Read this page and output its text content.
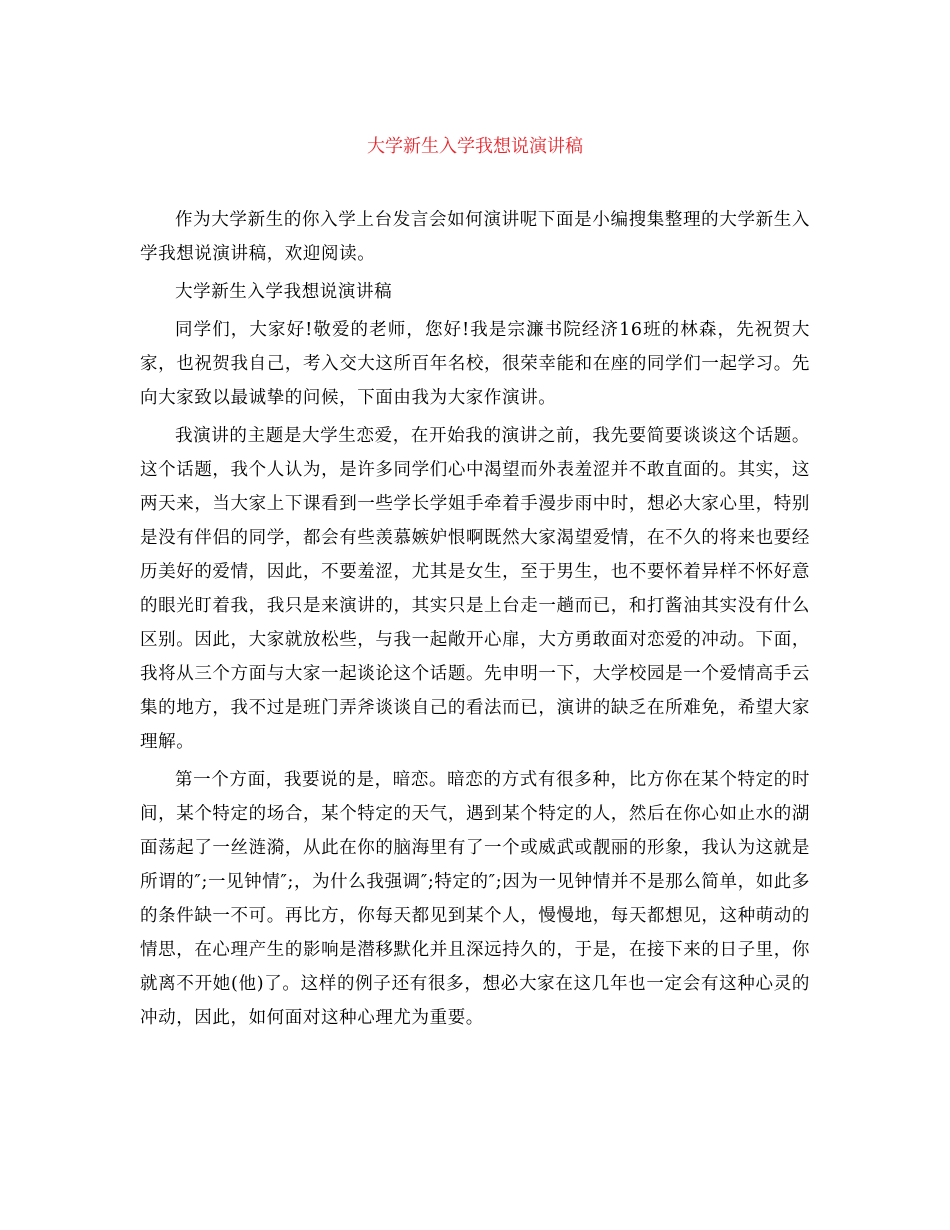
大学新生入学我想说演讲稿

作为大学新生的你入学上台发言会如何演讲呢下面是小编搜集整理的大学新生入学我想说演讲稿，欢迎阅读。

大学新生入学我想说演讲稿

同学们，大家好!敬爱的老师，您好!我是宗濂书院经济16班的林森，先祝贺大家，也祝贺我自己，考入交大这所百年名校，很荣幸能和在座的同学们一起学习。先向大家致以最诚挚的问候，下面由我为大家作演讲。

我演讲的主题是大学生恋爱，在开始我的演讲之前，我先要简要谈谈这个话题。这个话题，我个人认为，是许多同学们心中渴望而外表羞涩并不敢直面的。其实，这两天来，当大家上下课看到一些学长学姐手牵着手漫步雨中时，想必大家心里，特别是没有伴侣的同学，都会有些羡慕嫉妒恨啊既然大家渴望爱情，在不久的将来也要经历美好的爱情，因此，不要羞涩，尤其是女生，至于男生，也不要怀着异样不怀好意的眼光盯着我，我只是来演讲的，其实只是上台走一趟而已，和打酱油其实没有什么区别。因此，大家就放松些，与我一起敞开心扉，大方勇敢面对恋爱的冲动。下面，我将从三个方面与大家一起谈论这个话题。先申明一下，大学校园是一个爱情高手云集的地方，我不过是班门弄斧谈谈自己的看法而已，演讲的缺乏在所难免，希望大家理解。

第一个方面，我要说的是，暗恋。暗恋的方式有很多种，比方你在某个特定的时间，某个特定的场合，某个特定的天气，遇到某个特定的人，然后在你心如止水的湖面荡起了一丝涟漪，从此在你的脑海里有了一个或威武或靓丽的形象，我认为这就是所谓的″;一见钟情″;，为什么我强调″;特定的″;因为一见钟情并不是那么简单，如此多的条件缺一不可。再比方，你每天都见到某个人，慢慢地，每天都想见，这种萌动的情思，在心理产生的影响是潜移默化并且深远持久的，于是，在接下来的日子里，你就离不开她(他)了。这样的例子还有很多，想必大家在这几年也一定会有这种心灵的冲动，因此，如何面对这种心理尤为重要。
